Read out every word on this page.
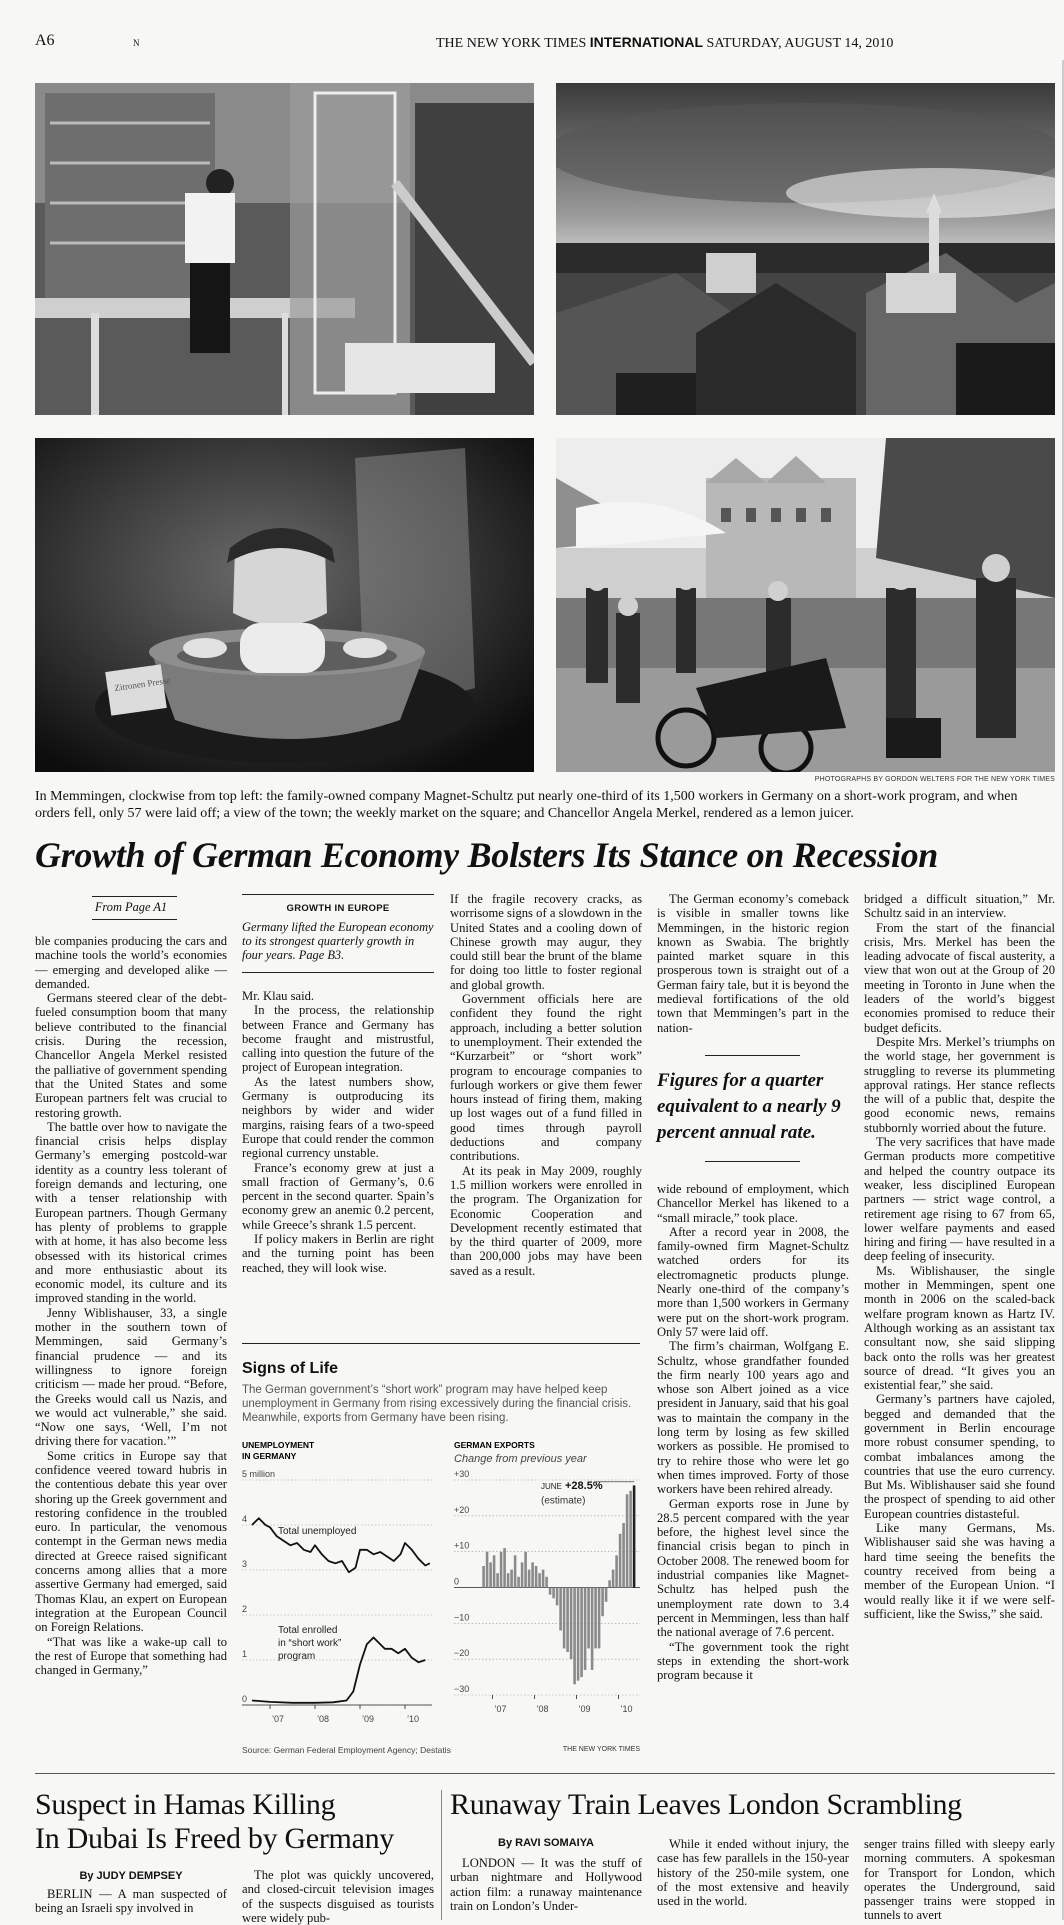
A6	N	THE NEW YORK TIMES INTERNATIONAL SATURDAY, AUGUST 14, 2010
Zitronen Presse
PHOTOGRAPHS BY GORDON WELTERS FOR THE NEW YORK TIMES
In Memmingen, clockwise from top left: the family-owned company Magnet-Schultz put nearly one-third of its 1,500 workers in Germany on a short-work program, and when orders fell, only 57 were laid off; a view of the town; the weekly market on the square; and Chancellor Angela Merkel, rendered as a lemon juicer.
Growth of German Economy Bolsters Its Stance on Recession
From Page A1

ble companies producing the cars and machine tools the world’s economies — emerging and developed alike — demanded.

Germans steered clear of the debt-fueled consumption boom that many believe contributed to the financial crisis. During the recession, Chancellor Angela Merkel resisted the palliative of government spending that the United States and some European partners felt was crucial to restoring growth.

The battle over how to navigate the financial crisis helps display Germany’s emerging postcold-war identity as a country less tolerant of foreign demands and lecturing, one with a tenser relationship with European partners. Though Germany has plenty of problems to grapple with at home, it has also become less obsessed with its historical crimes and more enthusiastic about its economic model, its culture and its improved standing in the world.

Jenny Wiblishauser, 33, a single mother in the southern town of Memmingen, said Germany’s financial prudence — and its willingness to ignore foreign criticism — made her proud. “Before, the Greeks would call us Nazis, and we would act vulnerable,” she said. “Now one says, ‘Well, I’m not driving there for vacation.’”

Some critics in Europe say that confidence veered toward hubris in the contentious debate this year over shoring up the Greek government and restoring confidence in the troubled euro. In particular, the venomous contempt in the German news media directed at Greece raised significant concerns among allies that a more assertive Germany had emerged, said Thomas Klau, an expert on European integration at the European Council on Foreign Relations.

“That was like a wake-up call to the rest of Europe that something had changed in Germany,”

GROWTH IN EUROPE
Germany lifted the European economy to its strongest quarterly growth in four years. Page B3.

Mr. Klau said.

In the process, the relationship between France and Germany has become fraught and mistrustful, calling into question the future of the project of European integration.

As the latest numbers show, Germany is outproducing its neighbors by wider and wider margins, raising fears of a two-speed Europe that could render the common regional currency unstable.

France’s economy grew at just a small fraction of Germany’s, 0.6 percent in the second quarter. Spain’s economy grew an anemic 0.2 percent, while Greece’s shrank 1.5 percent.

If policy makers in Berlin are right and the turning point has been reached, they will look wise.

If the fragile recovery cracks, as worrisome signs of a slowdown in the United States and a cooling down of Chinese growth may augur, they could still bear the brunt of the blame for doing too little to foster regional and global growth.

Government officials here are confident they found the right approach, including a better solution to unemployment. Their extended the “Kurzarbeit” or “short work” program to encourage companies to furlough workers or give them fewer hours instead of firing them, making up lost wages out of a fund filled in good times through payroll deductions and company contributions.

At its peak in May 2009, roughly 1.5 million workers were enrolled in the program. The Organization for Economic Cooperation and Development recently estimated that by the third quarter of 2009, more than 200,000 jobs may have been saved as a result.

Signs of Life
The German government’s “short work” program may have helped keep unemployment in Germany from rising excessively during the financial crisis. Meanwhile, exports from Germany have been rising.
UNEMPLOYMENT
IN GERMANY
5 million
4
3
2
1
0
’07	’08	’09	’10
Total unemployed
Total enrolled
in “short work”
program
GERMAN EXPORTS
Change from previous year
+30
+20
+10
0
−10
−20
−30
JUNE +28.5%
(estimate)
’07	’08	’09	’10
Source: German Federal Employment Agency; Destatis	THE NEW YORK TIMES

The German economy’s comeback is visible in smaller towns like Memmingen, in the historic region known as Swabia. The brightly painted market square in this prosperous town is straight out of a German fairy tale, but it is beyond the medieval fortifications of the old town that Memmingen’s part in the nation-

Figures for a quarter equivalent to a nearly 9 percent annual rate.

wide rebound of employment, which Chancellor Merkel has likened to a “small miracle,” took place.

After a record year in 2008, the family-owned firm Magnet-Schultz watched orders for its electromagnetic products plunge. Nearly one-third of the company’s more than 1,500 workers in Germany were put on the short-work program. Only 57 were laid off.

The firm’s chairman, Wolfgang E. Schultz, whose grandfather founded the firm nearly 100 years ago and whose son Albert joined as a vice president in January, said that his goal was to maintain the company in the long term by losing as few skilled workers as possible. He promised to try to rehire those who were let go when times improved. Forty of those workers have been rehired already.

German exports rose in June by 28.5 percent compared with the year before, the highest level since the financial crisis began to pinch in October 2008. The renewed boom for industrial companies like Magnet-Schultz has helped push the unemployment rate down to 3.4 percent in Memmingen, less than half the national average of 7.6 percent.

“The government took the right steps in extending the short-work program because it

bridged a difficult situation,” Mr. Schultz said in an interview.

From the start of the financial crisis, Mrs. Merkel has been the leading advocate of fiscal austerity, a view that won out at the Group of 20 meeting in Toronto in June when the leaders of the world’s biggest economies promised to reduce their budget deficits.

Despite Mrs. Merkel’s triumphs on the world stage, her government is struggling to reverse its plummeting approval ratings. Her stance reflects the will of a public that, despite the good economic news, remains stubbornly worried about the future.

The very sacrifices that have made German products more competitive and helped the country outpace its weaker, less disciplined European partners — strict wage control, a retirement age rising to 67 from 65, lower welfare payments and eased hiring and firing — have resulted in a deep feeling of insecurity.

Ms. Wiblishauser, the single mother in Memmingen, spent one month in 2006 on the scaled-back welfare program known as Hartz IV. Although working as an assistant tax consultant now, she said slipping back onto the rolls was her greatest source of dread. “It gives you an existential fear,” she said.

Germany’s partners have cajoled, begged and demanded that the government in Berlin encourage more robust consumer spending, to combat imbalances among the countries that use the euro currency. But Ms. Wiblishauser said she found the prospect of spending to aid other European countries distasteful.

Like many Germans, Ms. Wiblishauser said she was having a hard time seeing the benefits the country received from being a member of the European Union. “I would really like it if we were self-sufficient, like the Swiss,” she said.

Suspect in Hamas Killing
In Dubai Is Freed by Germany
By JUDY DEMPSEY

BERLIN — A man suspected of being an Israeli spy involved in

The plot was quickly uncovered, and closed-circuit television images of the suspects disguised as tourists were widely pub-

Runaway Train Leaves London Scrambling
By RAVI SOMAIYA

LONDON — It was the stuff of urban nightmare and Hollywood action film: a runaway maintenance train on London’s Under-

While it ended without injury, the case has few parallels in the 150-year history of the 250-mile system, one of the most extensive and heavily used in the world.

senger trains filled with sleepy early morning commuters. A spokesman for Transport for London, which operates the Underground, said passenger trains were stopped in tunnels to avert
